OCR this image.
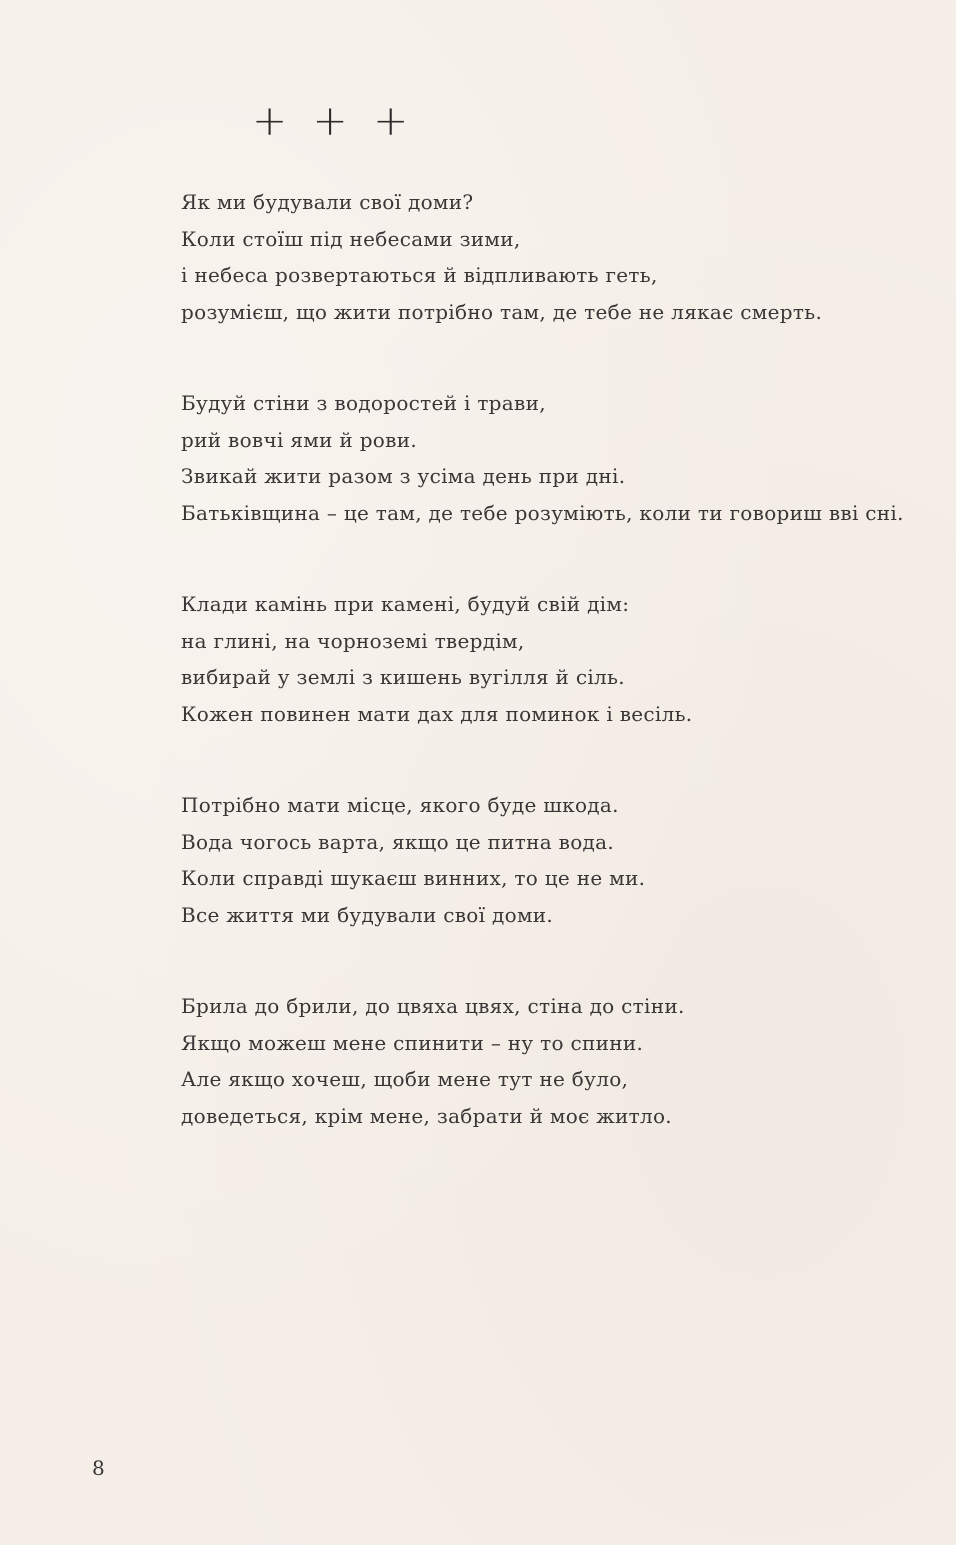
+ + +
Як ми будували свої доми?
Коли стоїш під небесами зими,
і небеса розвертаються й відпливають геть,
розумієш, що жити потрібно там, де тебе не лякає смерть.
Будуй стіни з водоростей і трави,
рий вовчі ями й рови.
Звикай жити разом з усіма день при дні.
Батьківщина – це там, де тебе розуміють, коли ти говориш вві сні.
Клади камінь при камені, будуй свій дім:
на глині, на чорноземі твердім,
вибирай у землі з кишень вугілля й сіль.
Кожен повинен мати дах для поминок і весіль.
Потрібно мати місце, якого буде шкода.
Вода чогось варта, якщо це питна вода.
Коли справді шукаєш винних, то це не ми.
Все життя ми будували свої доми.
Брила до брили, до цвяха цвях, стіна до стіни.
Якщо можеш мене спинити – ну то спини.
Але якщо хочеш, щоби мене тут не було,
доведеться, крім мене, забрати й моє житло.
8
